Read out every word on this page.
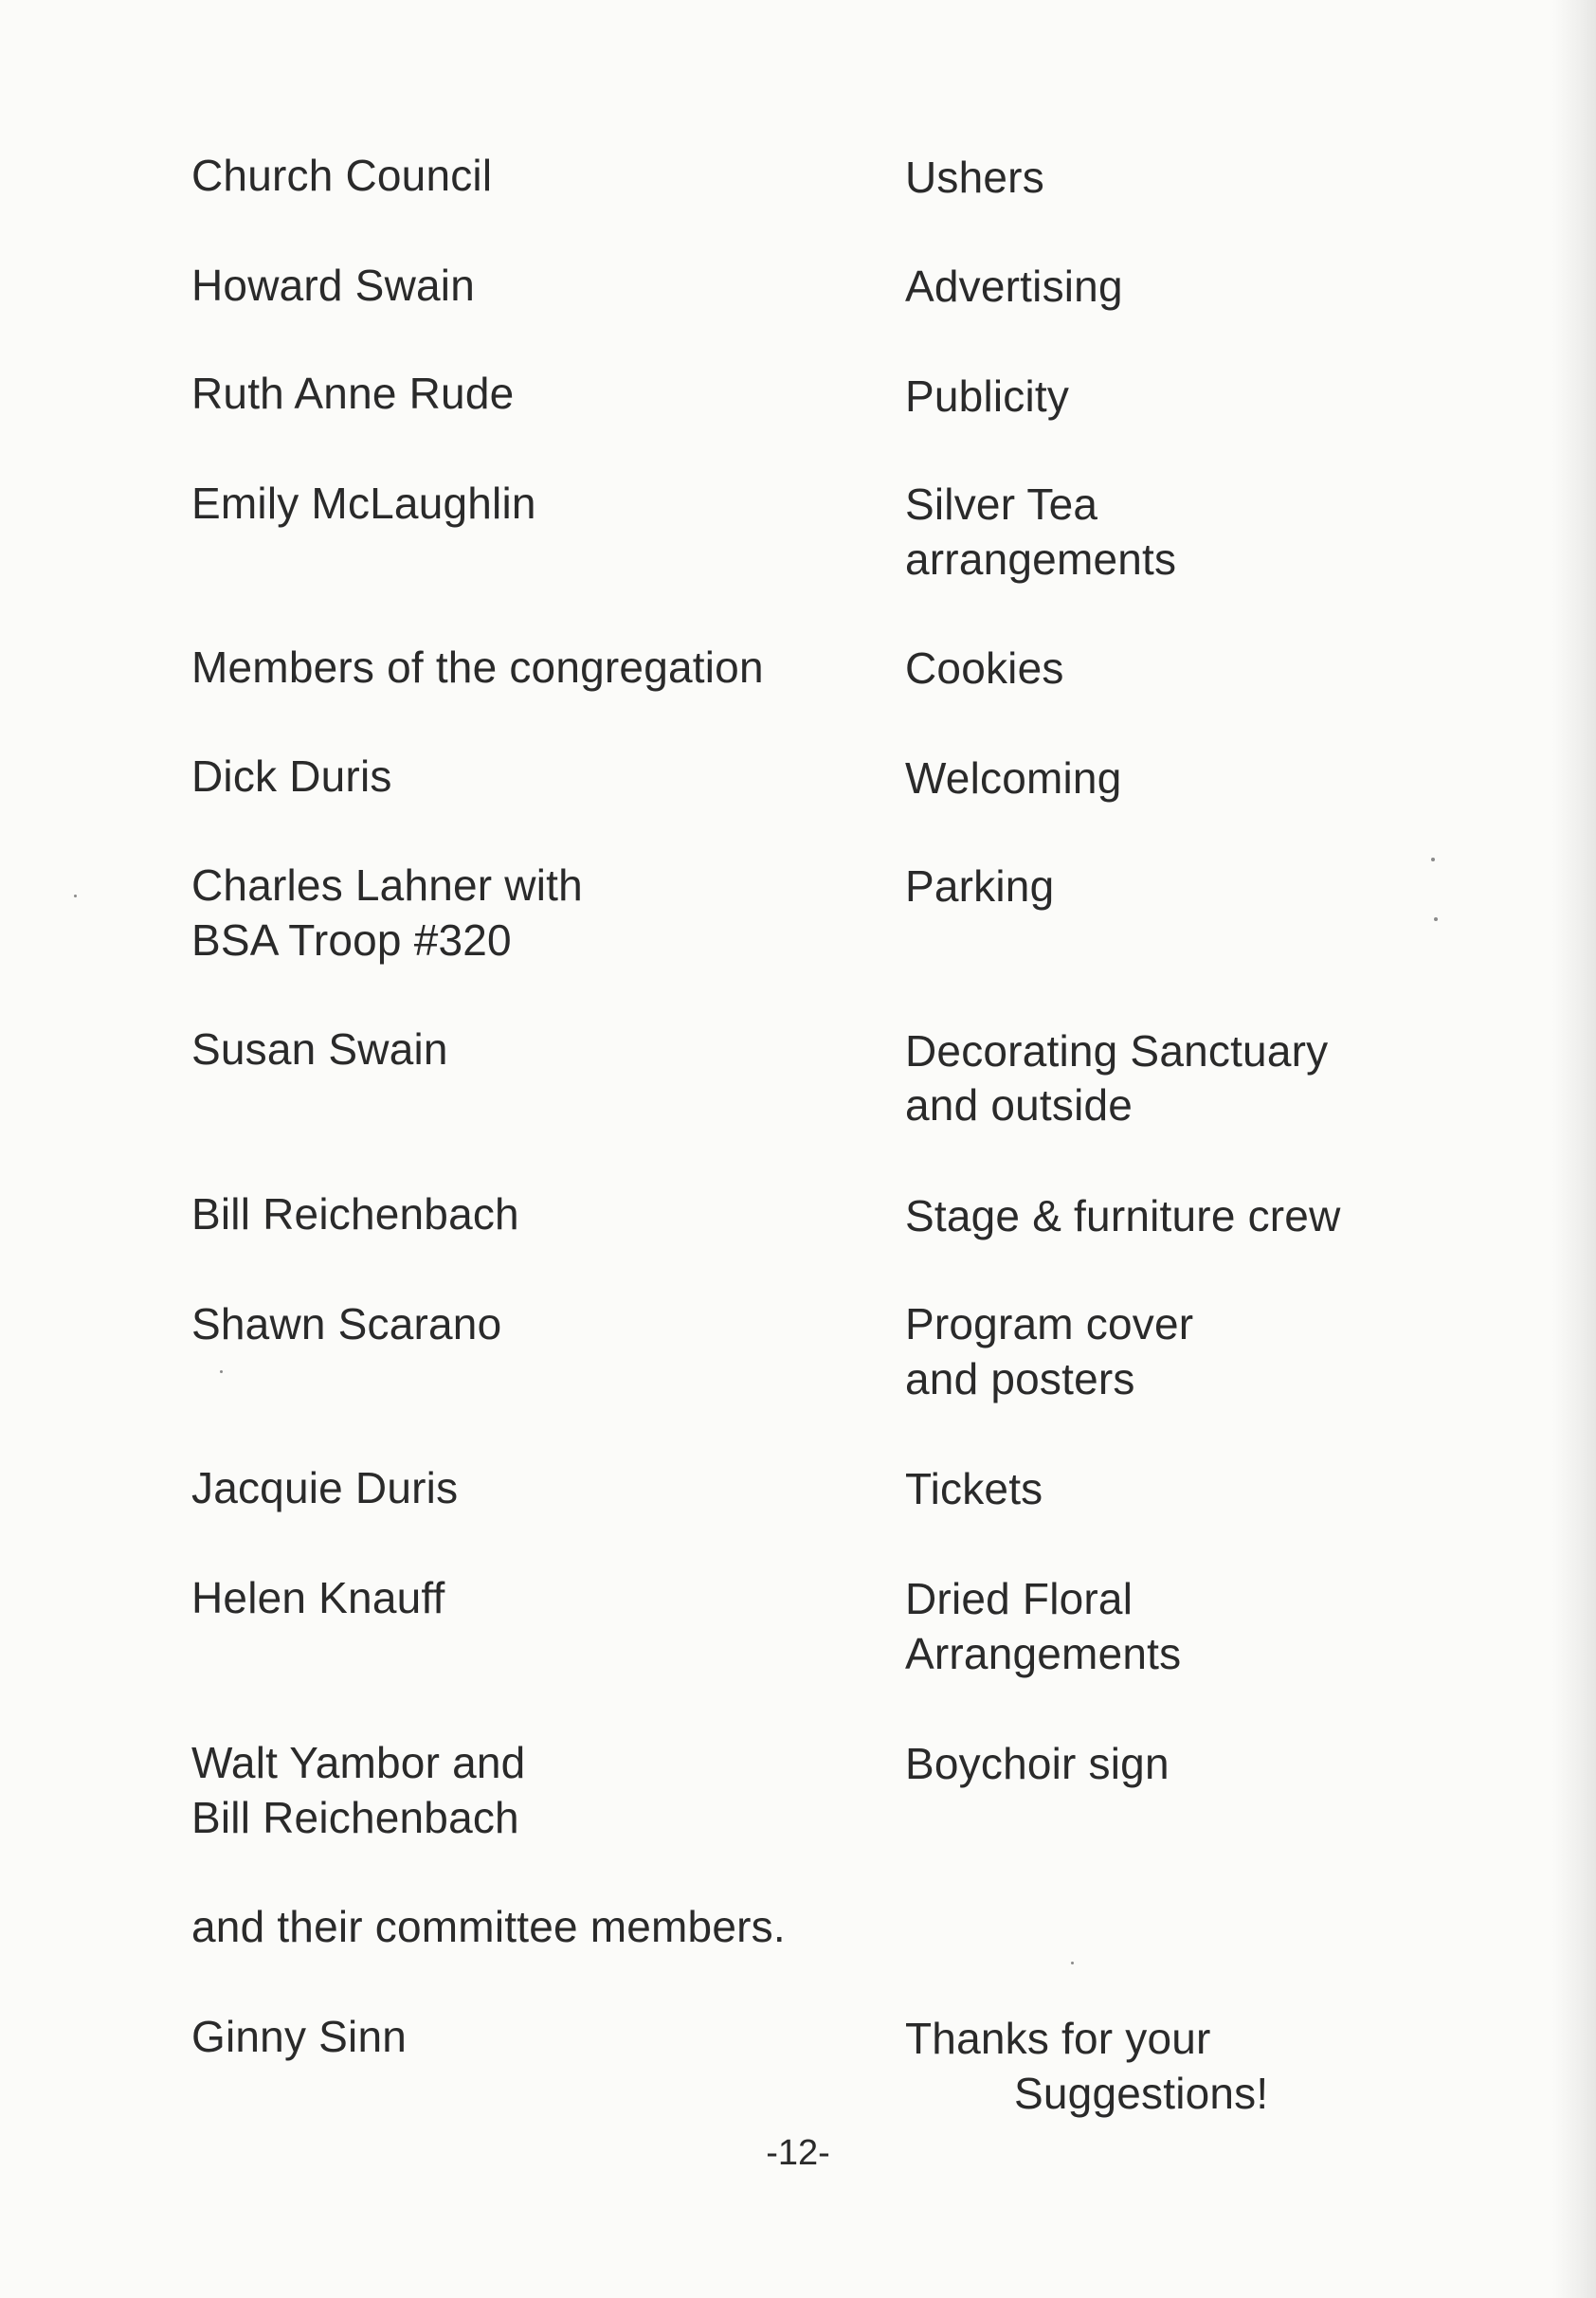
Church Council
Howard Swain
Ruth Anne Rude
Emily McLaughlin
Members of the congregation
Dick Duris
Charles Lahner with
BSA Troop #320
Susan Swain
Bill Reichenbach
Shawn Scarano
Jacquie Duris
Helen Knauff
Walt Yambor and
Bill Reichenbach
and their committee members.
Ginny Sinn
Ushers
Advertising
Publicity
Silver Tea
arrangements
Cookies
Welcoming
Parking
Decorating Sanctuary
and outside
Stage & furniture crew
Program cover
and posters
Tickets
Dried Floral
Arrangements
Boychoir sign
Thanks for your
Suggestions!
-12-
